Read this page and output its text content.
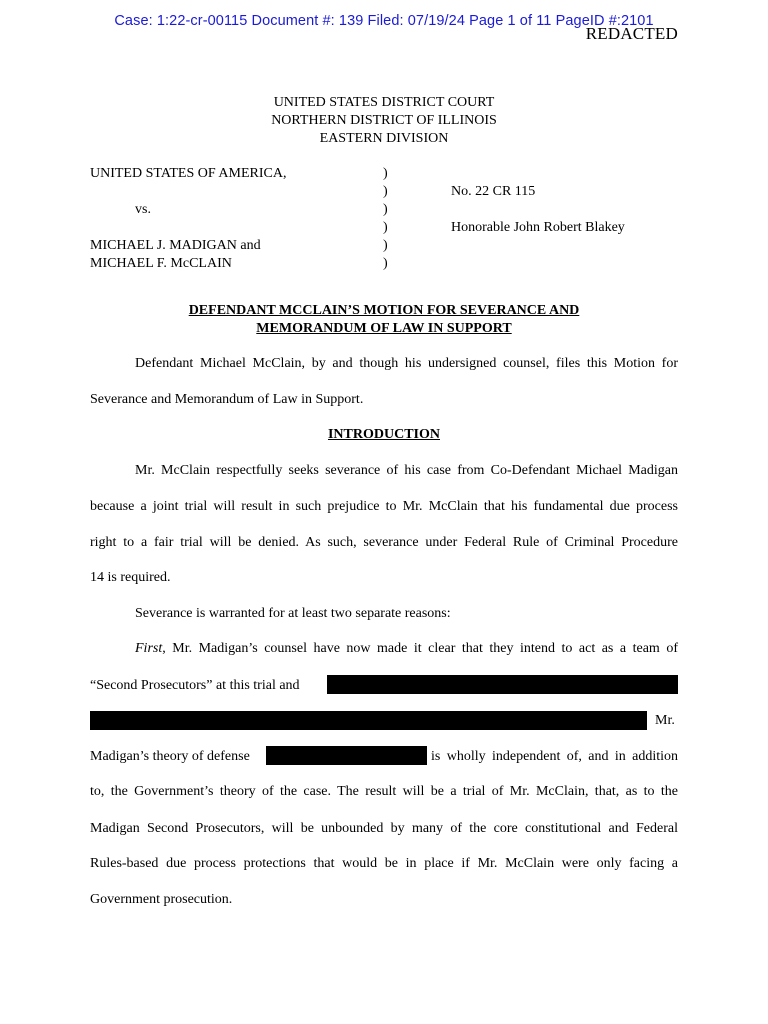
Case: 1:22-cr-00115 Document #: 139 Filed: 07/19/24 Page 1 of 11 PageID #:2101
REDACTED
UNITED STATES DISTRICT COURT
NORTHERN DISTRICT OF ILLINOIS
EASTERN DIVISION
UNITED STATES OF AMERICA,
vs.
MICHAEL J. MADIGAN and
MICHAEL F. McCLAIN
)
)
)
)
)
)
No. 22 CR 115
Honorable John Robert Blakey
DEFENDANT MCCLAIN’S MOTION FOR SEVERANCE AND
MEMORANDUM OF LAW IN SUPPORT
Defendant Michael McClain, by and though his undersigned counsel, files this Motion for
Severance and Memorandum of Law in Support.
INTRODUCTION
Mr. McClain respectfully seeks severance of his case from Co-Defendant Michael Madigan
because a joint trial will result in such prejudice to Mr. McClain that his fundamental due process
right to a fair trial will be denied. As such, severance under Federal Rule of Criminal Procedure
14 is required.
Severance is warranted for at least two separate reasons:
First , Mr. Madigan’s counsel have now made it clear that they intend to act as a team of
“Second Prosecutors” at this trial and
Mr.
Madigan’s theory of defense	is wholly independent of, and in addition
to, the Government’s theory of the case. The result will be a trial of Mr. McClain, that, as to the
Madigan Second Prosecutors, will be unbounded by many of the core constitutional and Federal
Rules-based due process protections that would be in place if Mr. McClain were only facing a
Government prosecution.
